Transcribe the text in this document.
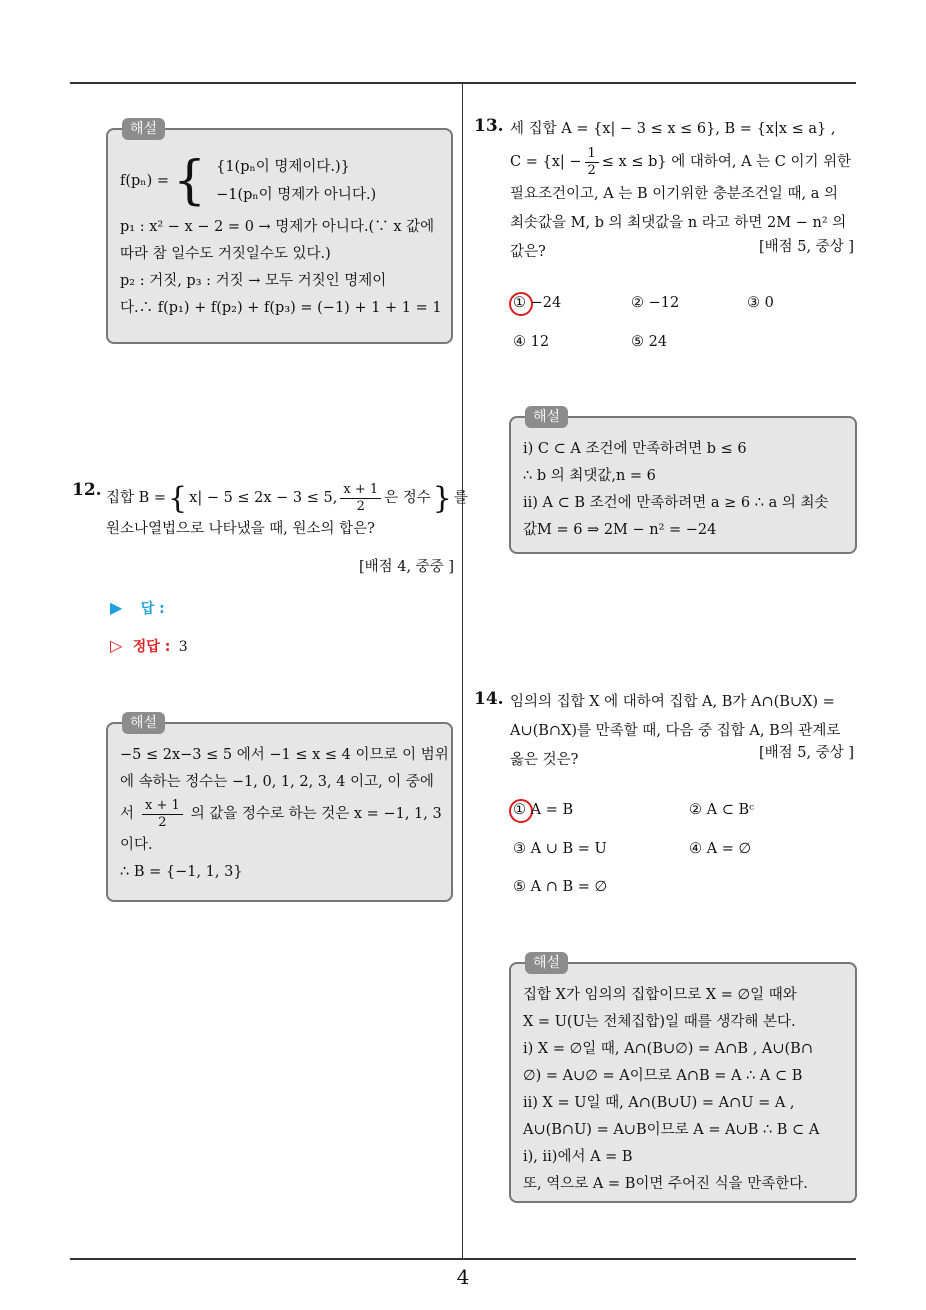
해설
f(pₙ) = { {1(pₙ이 명제이다.)}
−1(pₙ이 명제가 아니다.)
p₁ : x² − x − 2 = 0 → 명제가 아니다.(∵ x 값에
따라 참 일수도 거짓일수도 있다.)
p₂ : 거짓, p₃ : 거짓 → 모두 거짓인 명제이
다.∴ f(p₁) + f(p₂) + f(p₃) = (−1) + 1 + 1 = 1
12. 집합 B = { x| − 5 ≤ 2x − 3 ≤ 5, $\frac{x + 1}{2}$ 은 정수 } 를
원소나열법으로 나타냈을 때, 원소의 합은?
[배점 4, 중중 ]
▶ 답 :
▷ 정답 : 3
해설
−5 ≤ 2x−3 ≤ 5 에서 −1 ≤ x ≤ 4 이므로 이 범위
에 속하는 정수는 −1, 0, 1, 2, 3, 4 이고, 이 중에
서 $\frac{x + 1}{2}$ 의 값을 정수로 하는 것은 x = −1, 1, 3
이다.
∴ B = {−1, 1, 3}
13. 세 집합 A = {x| − 3 ≤ x ≤ 6}, B = {x|x ≤ a} ,
$C = \{x| - \frac{1}{2} \le x \le b\}$ 에 대하여, A 는 C 이기 위한
필요조건이고, A 는 B 이기위한 충분조건일 때, a 의
최솟값을 M, b 의 최댓값을 n 라고 하면 2M − n² 의
값은?	[배점 5, 중상 ]
① −24	② −12	③ 0
④ 12	⑤ 24
해설
i) C ⊂ A 조건에 만족하려면 b ≤ 6
∴ b 의 최댓값,n = 6
ii) A ⊂ B 조건에 만족하려면 a ≥ 6 ∴ a 의 최솟
값M = 6 ⇒ 2M − n² = −24
14. 임의의 집합 X 에 대하여 집합 A, B가 A∩(B∪X) =
A∪(B∩X)를 만족할 때, 다음 중 집합 A, B의 관계로
옳은 것은?	[배점 5, 중상 ]
① A = B	② A ⊂ Bᶜ
③ A ∪ B = U	④ A = ∅
⑤ A ∩ B = ∅
해설
집합 X가 임의의 집합이므로 X = ∅일 때와
X = U(U는 전체집합)일 때를 생각해 본다.
i) X = ∅일 때, A∩(B∪∅) = A∩B , A∪(B∩
∅) = A∪∅ = A이므로 A∩B = A ∴ A ⊂ B
ii) X = U일 때, A∩(B∪U) = A∩U = A ,
A∪(B∩U) = A∪B이므로 A = A∪B ∴ B ⊂ A
i), ii)에서 A = B
또, 역으로 A = B이면 주어진 식을 만족한다.
4
